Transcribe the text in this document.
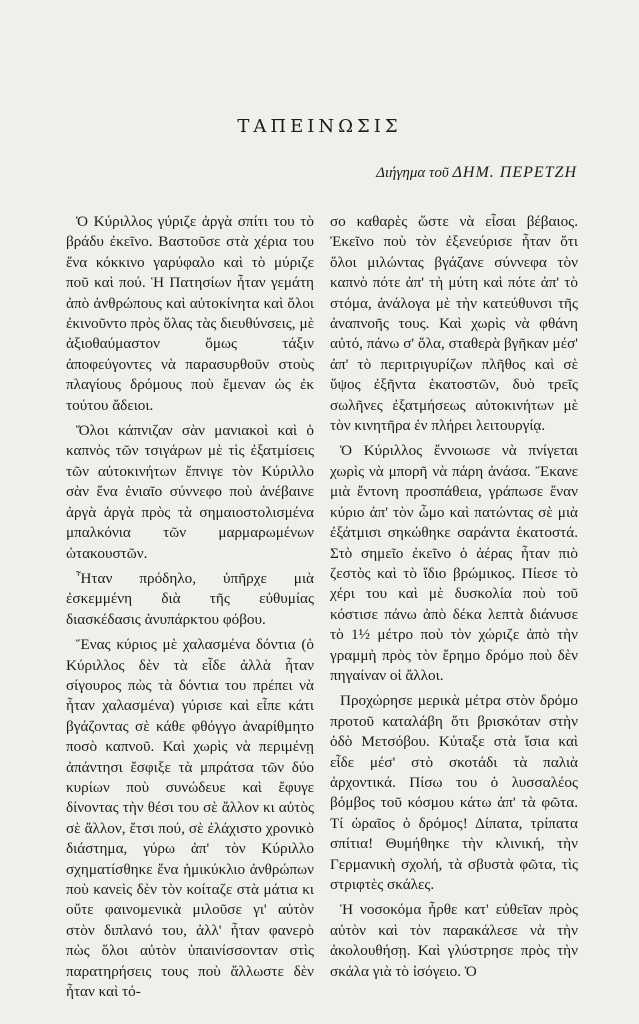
ΤΑΠΕΙΝΩΣΙΣ
Διήγημα τοῦ ΔΗΜ. ΠΕΡΕΤΖΗ

Ὁ Κύριλλος γύριζε ἀργὰ σπίτι του τὸ βράδυ ἐκεῖνο. Βαστοῦσε στὰ χέρια του ἕνα κόκκινο γαρύφαλο καὶ τὸ μύριζε ποῦ καὶ πού. Ἡ Πατησίων ἦταν γεμάτη ἀπὸ ἀνθρώπους καὶ αὐτοκίνητα καὶ ὅλοι ἐκινοῦντο πρὸς ὅλας τὰς διευθύνσεις, μὲ ἀξιοθαύμαστον ὅμως τάξιν ἀποφεύγοντες νὰ παρασυρθοῦν στοὺς πλαγίους δρόμους ποὺ ἔμεναν ὡς ἐκ τούτου ἄδειοι.

Ὅλοι κάπνιζαν σὰν μανιακοὶ καὶ ὁ καπνὸς τῶν τσιγάρων μὲ τὶς ἐξατμίσεις τῶν αὐτοκινήτων ἔπνιγε τὸν Κύριλλο σὰν ἕνα ἑνιαῖο σύννεφο ποὺ ἀνέβαινε ἀργὰ ἀργὰ πρὸς τὰ σημαιοστολισμένα μπαλκόνια τῶν μαρμαρωμένων ὠτακουστῶν.

Ἦταν πρόδηλο, ὑπῆρχε μιὰ ἐσκεμμένη διὰ τῆς εὐθυμίας διασκέδασις ἀνυπάρκτου φόβου.

Ἕνας κύριος μὲ χαλασμένα δόντια (ὁ Κύριλλος δὲν τὰ εἶδε ἀλλὰ ἦταν σίγουρος πὼς τὰ δόντια του πρέπει νὰ ἦταν χαλασμένα) γύρισε καὶ εἶπε κάτι βγάζοντας σὲ κάθε φθόγγο ἀναρίθμητο ποσὸ καπνοῦ. Καὶ χωρὶς νὰ περιμένῃ ἀπάντησι ἔσφιξε τὰ μπράτσα τῶν δύο κυρίων ποὺ συνώδευε καὶ ἔφυγε δίνοντας τὴν θέσι του σὲ ἄλλον κι αὐτὸς σὲ ἄλλον, ἔτσι πού, σὲ ἐλάχιστο χρονικὸ διάστημα, γύρω ἀπ' τὸν Κύριλλο σχηματίσθηκε ἕνα ἡμικύκλιο ἀνθρώπων ποὺ κανεὶς δὲν τὸν κοίταζε στὰ μάτια κι οὔτε φαινομενικὰ μιλοῦσε γι' αὐτὸν στὸν διπλανό του, ἀλλ' ἦταν φανερὸ πὼς ὅλοι αὐτὸν ὑπαινίσσονταν στὶς παρατηρήσεις τους ποὺ ἄλλωστε δὲν ἦταν καὶ τό-

σο καθαρὲς ὥστε νὰ εἶσαι βέβαιος. Ἐκεῖνο ποὺ τὸν ἐξενεύρισε ἦταν ὅτι ὅλοι μιλώντας βγάζανε σύννεφα τὸν καπνὸ πότε ἀπ' τὴ μύτη καὶ πότε ἀπ' τὸ στόμα, ἀνάλογα μὲ τὴν κατεύθυνσι τῆς ἀναπνοῆς τους. Καὶ χωρὶς νὰ φθάνη αὐτό, πάνω σ' ὅλα, σταθερὰ βγῆκαν μέσ' ἀπ' τὸ περιτριγυρίζων πλῆθος καὶ σὲ ὕψος ἐξῆντα ἑκατοστῶν, δυὸ τρεῖς σωλῆνες ἐξατμήσεως αὐτοκινήτων μὲ τὸν κινητῆρα ἐν πλήρει λειτουργίᾳ.

Ὁ Κύριλλος ἔννοιωσε νὰ πνίγεται χωρὶς νὰ μπορῆ νὰ πάρη ἀνάσα. Ἔκανε μιὰ ἔντονη προσπάθεια, γράπωσε ἕναν κύριο ἀπ' τὸν ὦμο καὶ πατώντας σὲ μιὰ ἐξάτμισι σηκώθηκε σαράντα ἑκατοστά. Στὸ σημεῖο ἐκεῖνο ὁ ἀέρας ἦταν πιὸ ζεστὸς καὶ τὸ ἴδιο βρώμικος. Πίεσε τὸ χέρι του καὶ μὲ δυσκολία ποὺ τοῦ κόστισε πάνω ἀπὸ δέκα λεπτὰ διάνυσε τὸ 1½ μέτρο ποὺ τὸν χώριζε ἀπὸ τὴν γραμμὴ πρὸς τὸν ἔρημο δρόμο ποὺ δὲν πηγαίναν οἱ ἄλλοι.

Προχώρησε μερικὰ μέτρα στὸν δρόμο προτοῦ καταλάβη ὅτι βρισκόταν στὴν ὁδὸ Μετσόβου. Κύταξε στὰ ἴσια καὶ εἶδε μέσ' στὸ σκοτάδι τὰ παλιὰ ἀρχοντικά. Πίσω του ὁ λυσσαλέος βόμβος τοῦ κόσμου κάτω ἀπ' τὰ φῶτα. Τί ὡραῖος ὁ δρόμος! Δίπατα, τρίπατα σπίτια! Θυμήθηκε τὴν κλινική, τὴν Γερμανικὴ σχολή, τὰ σβυστὰ φῶτα, τὶς στριφτὲς σκάλες.

Ἡ νοσοκόμα ἦρθε κατ' εὐθεῖαν πρὸς αὐτὸν καὶ τὸν παρακάλεσε νὰ τὴν ἀκολουθήσῃ. Καὶ γλύστρησε πρὸς τὴν σκάλα γιὰ τὸ ἰσόγειο. Ὁ
